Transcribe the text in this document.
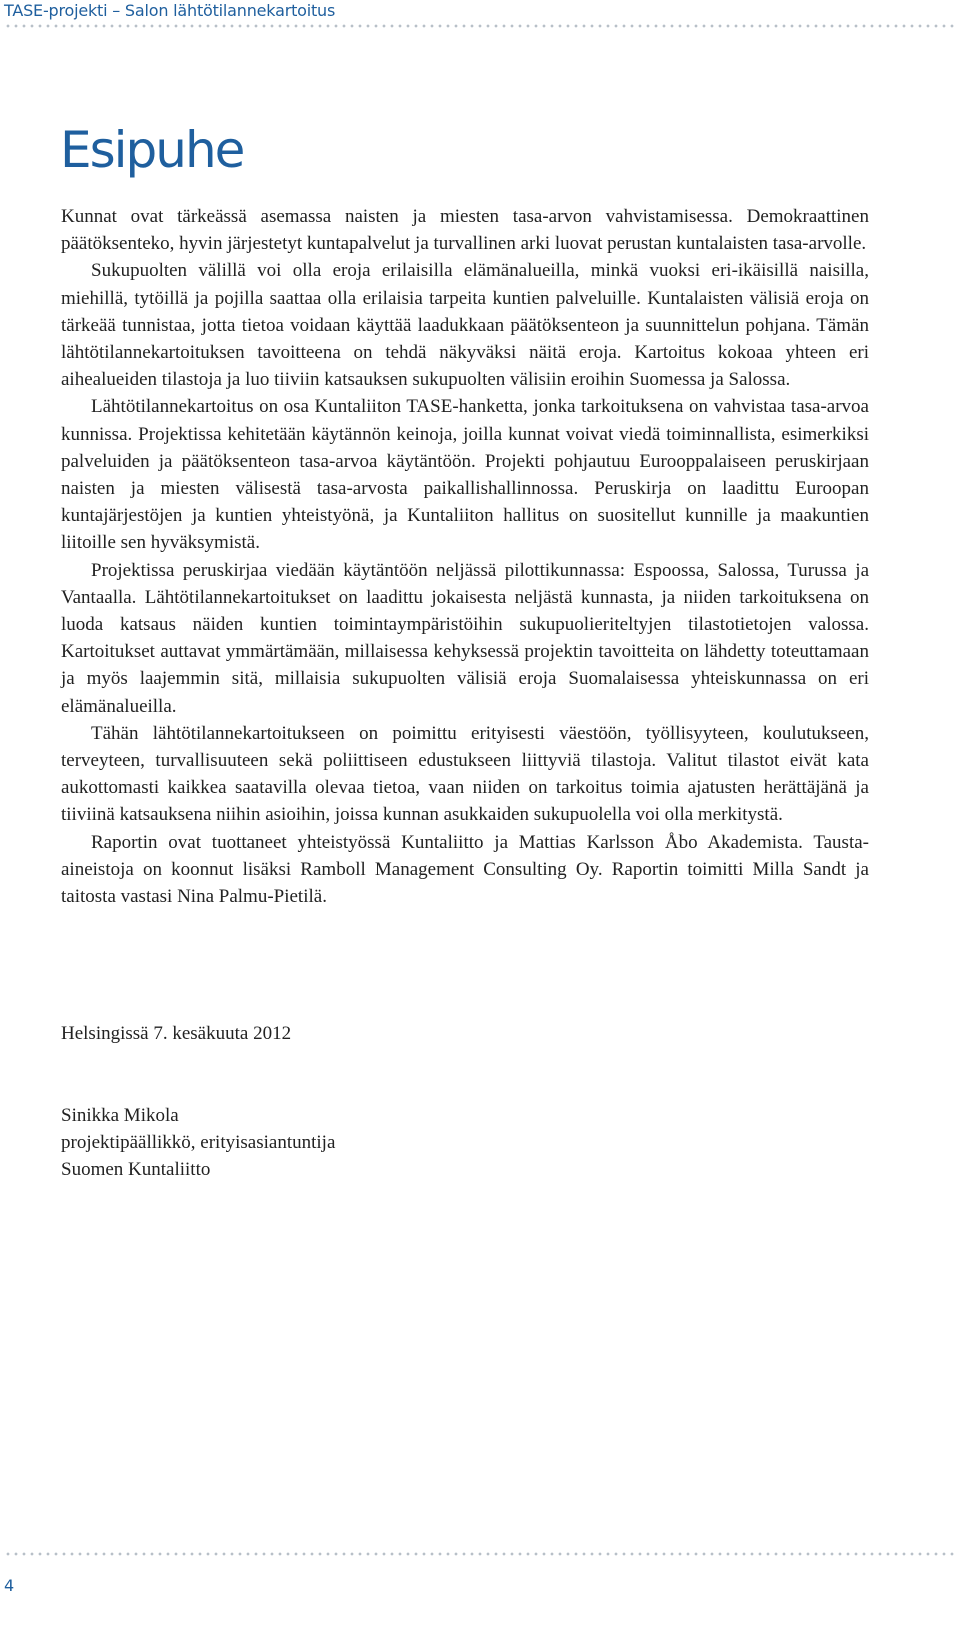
TASE-projekti – Salon lähtötilannekartoitus
Esipuhe

Kunnat ovat tärkeässä asemassa naisten ja miesten tasa-arvon vahvistamisessa. Demokraattinen päätöksenteko, hyvin järjestetyt kuntapalvelut ja turvallinen arki luovat perustan kuntalaisten tasa-arvolle.

Sukupuolten välillä voi olla eroja erilaisilla elämänalueilla, minkä vuoksi eri-ikäisillä naisilla, miehillä, tytöillä ja pojilla saattaa olla erilaisia tarpeita kuntien palveluille. Kuntalaisten välisiä eroja on tärkeää tunnistaa, jotta tietoa voidaan käyttää laadukkaan päätöksenteon ja suunnittelun pohjana. Tämän lähtötilannekartoituksen tavoitteena on tehdä näkyväksi näitä eroja. Kartoitus kokoaa yhteen eri aihealueiden tilastoja ja luo tiiviin katsauksen sukupuolten välisiin eroihin Suomessa ja Salossa.

Lähtötilannekartoitus on osa Kuntaliiton TASE-hanketta, jonka tarkoituksena on vahvistaa tasa-arvoa kunnissa. Projektissa kehitetään käytännön keinoja, joilla kunnat voivat viedä toiminnallista, esimerkiksi palveluiden ja päätöksenteon tasa-arvoa käytäntöön. Projekti pohjautuu Eurooppalaiseen peruskirjaan naisten ja miesten välisestä tasa-arvosta paikallishallinnossa. Peruskirja on laadittu Euroopan kuntajärjestöjen ja kuntien yhteistyönä, ja Kuntaliiton hallitus on suositellut kunnille ja maakuntien liitoille sen hyväksymistä.

Projektissa peruskirjaa viedään käytäntöön neljässä pilottikunnassa: Espoossa, Salossa, Turussa ja Vantaalla. Lähtötilannekartoitukset on laadittu jokaisesta neljästä kunnasta, ja niiden tarkoituksena on luoda katsaus näiden kuntien toimintaympäristöihin sukupuolieriteltyjen tilastotietojen valossa. Kartoitukset auttavat ymmärtämään, millaisessa kehyksessä projektin tavoitteita on lähdetty toteuttamaan ja myös laajemmin sitä, millaisia sukupuolten välisiä eroja Suomalaisessa yhteiskunnassa on eri elämänalueilla.

Tähän lähtötilannekartoitukseen on poimittu erityisesti väestöön, työllisyyteen, koulutukseen, terveyteen, turvallisuuteen sekä poliittiseen edustukseen liittyviä tilastoja. Valitut tilastot eivät kata aukottomasti kaikkea saatavilla olevaa tietoa, vaan niiden on tarkoitus toimia ajatusten herättäjänä ja tiiviinä katsauksena niihin asioihin, joissa kunnan asukkaiden sukupuolella voi olla merkitystä.

Raportin ovat tuottaneet yhteistyössä Kuntaliitto ja Mattias Karlsson Åbo Akademista. Tausta-aineistoja on koonnut lisäksi Ramboll Management Consulting Oy. Raportin toimitti Milla Sandt ja taitosta vastasi Nina Palmu-Pietilä.

Helsingissä 7. kesäkuuta 2012
Sinikka Mikola
projektipäällikkö, erityisasiantuntija
Suomen Kuntaliitto
4
